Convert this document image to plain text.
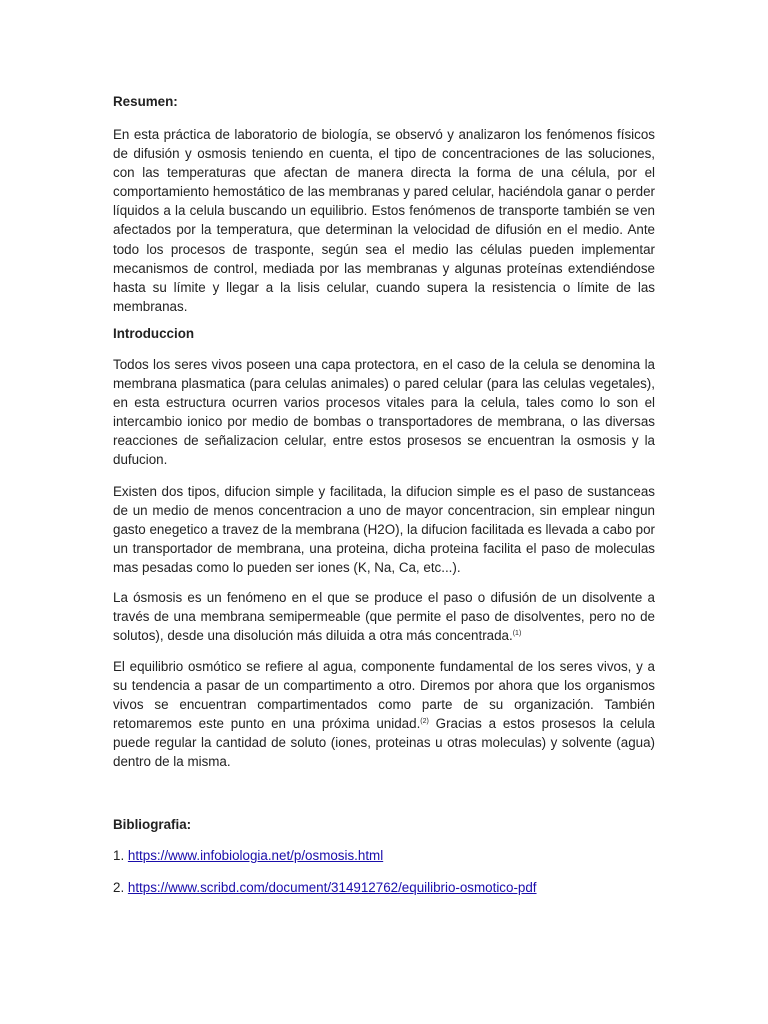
Resumen:

En esta práctica de laboratorio de biología, se observó y analizaron los fenómenos físicos de difusión y osmosis teniendo en cuenta, el tipo de concentraciones de las soluciones, con las temperaturas que afectan de manera directa la forma de una célula, por el comportamiento hemostático de las membranas y pared celular, haciéndola ganar o perder líquidos a la celula buscando un equilibrio. Estos fenómenos de transporte también se ven afectados por la temperatura, que determinan la velocidad de difusión en el medio. Ante todo los procesos de trasponte, según sea el medio las células pueden implementar mecanismos de control, mediada por las membranas y algunas proteínas extendiéndose hasta su límite y llegar a la lisis celular, cuando supera la resistencia o límite de las membranas.

Introduccion

Todos los seres vivos poseen una capa protectora, en el caso de la celula se denomina la membrana plasmatica (para celulas animales) o pared celular (para las celulas vegetales), en esta estructura ocurren varios procesos vitales para la celula, tales como lo son el intercambio ionico por medio de bombas o transportadores de membrana, o las diversas reacciones de señalizacion celular, entre estos prosesos se encuentran la osmosis y la dufucion.

Existen dos tipos, difucion simple y facilitada, la difucion simple es el paso de sustanceas de un medio de menos concentracion a uno de mayor concentracion, sin emplear ningun gasto enegetico a travez de la membrana (H2O), la difucion facilitada es llevada a cabo por un transportador de membrana, una proteina, dicha proteina facilita el paso de moleculas mas pesadas como lo pueden ser iones (K, Na, Ca, etc...).

La ósmosis es un fenómeno en el que se produce el paso o difusión de un disolvente a través de una membrana semipermeable (que permite el paso de disolventes, pero no de solutos), desde una disolución más diluida a otra más concentrada.$^{(1)}$

El equilibrio osmótico se refiere al agua, componente fundamental de los seres vivos, y a su tendencia a pasar de un compartimento a otro. Diremos por ahora que los organismos vivos se encuentran compartimentados como parte de su organización. También retomaremos este punto en una próxima unidad.$^{(2)}$ Gracias a estos prosesos la celula puede regular la cantidad de soluto (iones, proteinas u otras moleculas) y solvente (agua) dentro de la misma.

Bibliografia:

1. https://www.infobiologia.net/p/osmosis.html

2. https://www.scribd.com/document/314912762/equilibrio-osmotico-pdf
